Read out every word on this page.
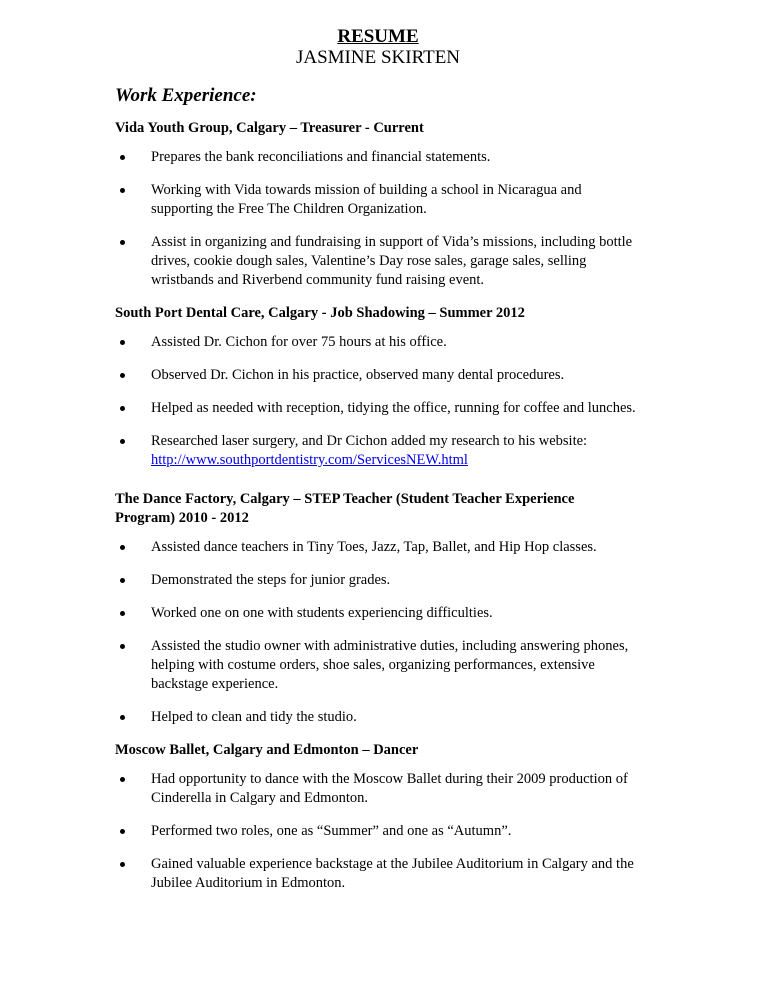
RESUME
JASMINE SKIRTEN
Work Experience:
Vida Youth Group, Calgary – Treasurer - Current
Prepares the bank reconciliations and financial statements.
Working with Vida towards mission of building a school in Nicaragua and supporting the Free The Children Organization.
Assist in organizing and fundraising in support of Vida’s missions, including bottle drives, cookie dough sales, Valentine’s Day rose sales, garage sales, selling wristbands and Riverbend community fund raising event.
South Port Dental Care, Calgary - Job Shadowing – Summer 2012
Assisted Dr. Cichon for over 75 hours at his office.
Observed Dr. Cichon in his practice, observed many dental procedures.
Helped as needed with reception, tidying the office, running for coffee and lunches.
Researched laser surgery, and Dr Cichon added my research to his website:
http://www.southportdentistry.com/ServicesNEW.html
The Dance Factory, Calgary – STEP Teacher (Student Teacher Experience Program) 2010 - 2012
Assisted dance teachers in Tiny Toes, Jazz, Tap, Ballet, and Hip Hop classes.
Demonstrated the steps for junior grades.
Worked one on one with students experiencing difficulties.
Assisted the studio owner with administrative duties, including answering phones, helping with costume orders, shoe sales, organizing performances, extensive backstage experience.
Helped to clean and tidy the studio.
Moscow Ballet, Calgary and Edmonton – Dancer
Had opportunity to dance with the Moscow Ballet during their 2009 production of Cinderella in Calgary and Edmonton.
Performed two roles, one as “Summer” and one as “Autumn”.
Gained valuable experience backstage at the Jubilee Auditorium in Calgary and the Jubilee Auditorium in Edmonton.
